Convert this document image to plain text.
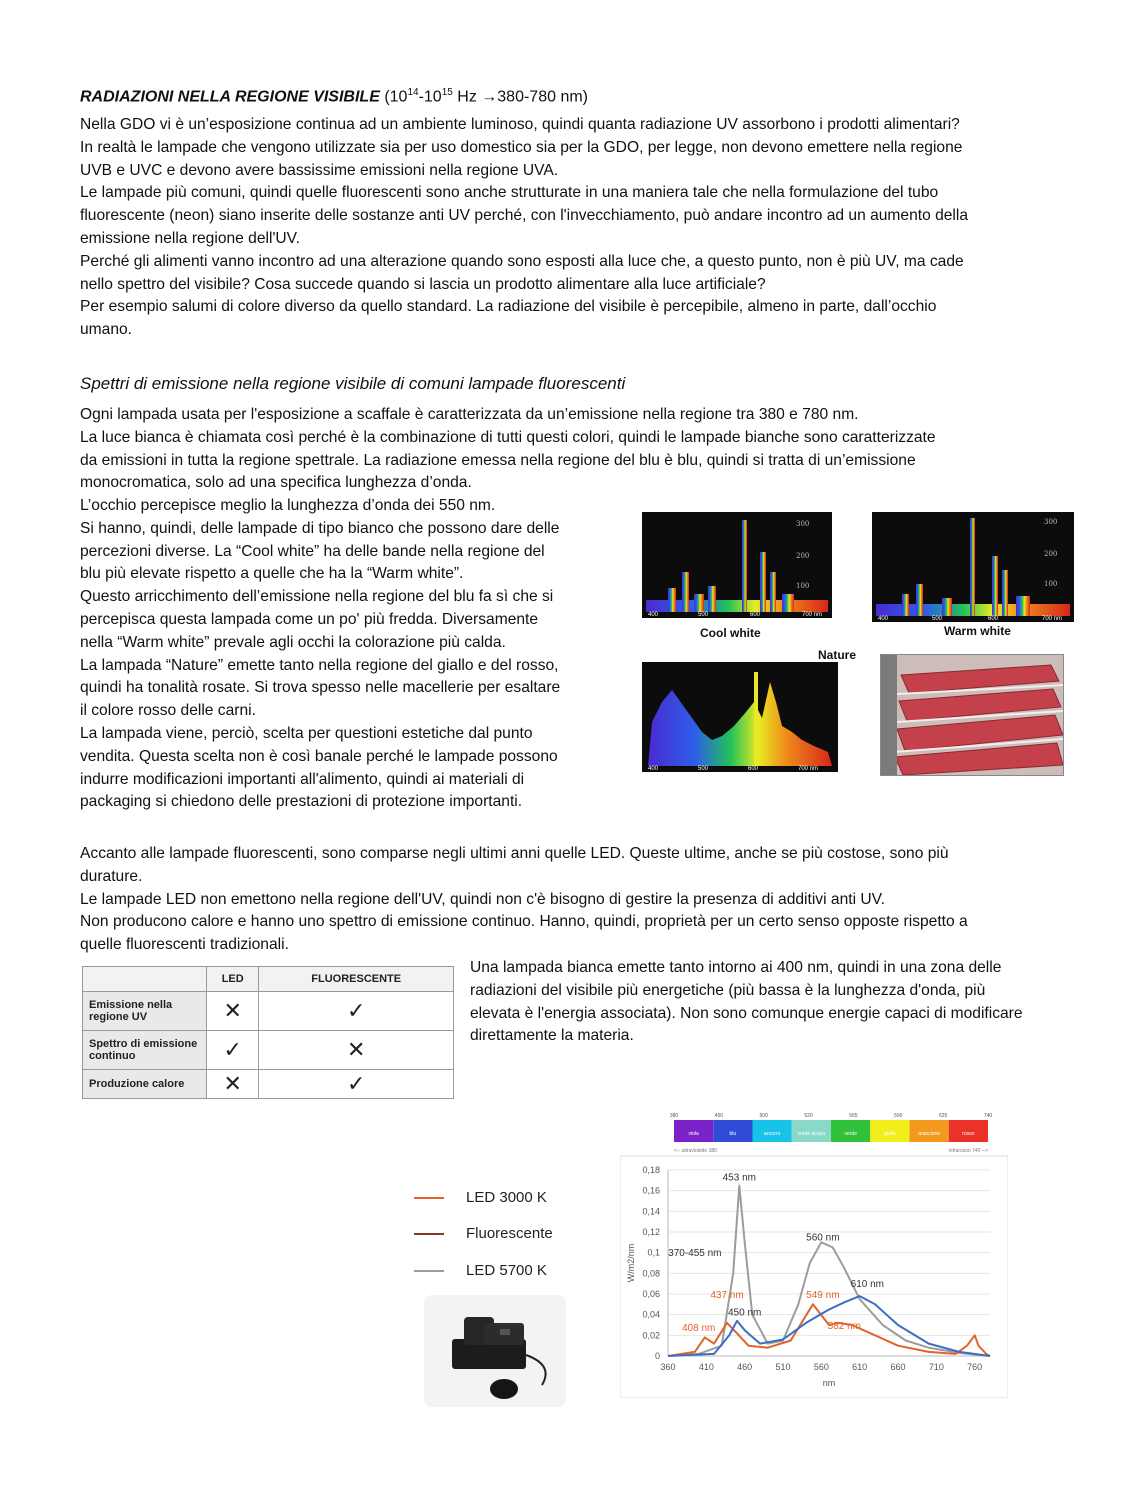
RADIAZIONI NELLA REGIONE VISIBILE ($10^{14}-10^{15}$ Hz →380-780 nm)

Nella GDO vi è un’esposizione continua ad un ambiente luminoso, quindi quanta radiazione UV assorbono i prodotti alimentari?

In realtà le lampade che vengono utilizzate sia per uso domestico sia per la GDO, per legge, non devono emettere nella regione

UVB e UVC e devono avere bassissime emissioni nella regione UVA.

Le lampade più comuni, quindi quelle fluorescenti sono anche strutturate in una maniera tale che nella formulazione del tubo

fluorescente (neon) siano inserite delle sostanze anti UV perché, con l'invecchiamento, può andare incontro ad un aumento della

emissione nella regione dell'UV.

Perché gli alimenti vanno incontro ad una alterazione quando sono esposti alla luce che, a questo punto, non è più UV, ma cade

nello spettro del visibile? Cosa succede quando si lascia un prodotto alimentare alla luce artificiale?

Per esempio salumi di colore diverso da quello standard. La radiazione del visibile è percepibile, almeno in parte, dall’occhio

umano.

Spettri di emissione nella regione visibile di comuni lampade fluorescenti

Ogni lampada usata per l'esposizione a scaffale è caratterizzata da un’emissione nella regione tra 380 e 780 nm.

La luce bianca è chiamata così perché è la combinazione di tutti questi colori, quindi le lampade bianche sono caratterizzate

da emissioni in tutta la regione spettrale. La radiazione emessa nella regione del blu è blu, quindi si tratta di un’emissione

monocromatica, solo ad una specifica lunghezza d’onda.

L’occhio percepisce meglio la lunghezza d’onda dei 550 nm.

Si hanno, quindi, delle lampade di tipo bianco che possono dare delle

percezioni diverse. La “Cool white” ha delle bande nella regione del

blu più elevate rispetto a quelle che ha la “Warm white”.

Questo arricchimento dell’emissione nella regione del blu fa sì che si

percepisca questa lampada come un po' più fredda. Diversamente

nella “Warm white” prevale agli occhi la colorazione più calda.

La lampada “Nature” emette tanto nella regione del giallo e del rosso,

quindi ha tonalità rosate. Si trova spesso nelle macellerie per esaltare

il colore rosso delle carni.

La lampada viene, perciò, scelta per questioni estetiche dal punto

vendita. Questa scelta non è così banale perché le lampade possono

indurre modificazioni importanti all'alimento, quindi ai materiali di

packaging si chiedono delle prestazioni di protezione importanti.

300
200
100
400	500	600	700 nm
Cool white
300
200
100
400	500	600	700 nm
Warm white
Nature
400	500	600	700 nm

Accanto alle lampade fluorescenti, sono comparse negli ultimi anni quelle LED. Queste ultime, anche se più costose, sono più

durature.

Le lampade LED non emettono nella regione dell'UV, quindi non c'è bisogno di gestire la presenza di additivi anti UV.

Non producono calore e hanno uno spettro di emissione continuo. Hanno, quindi, proprietà per un certo senso opposte rispetto a

quelle fluorescenti tradizionali.

	LED	FLUORESCENTE
Emissione nella regione UV	✕	✓
Spettro di emissione continuo	✓	✕
Produzione calore	✕	✓

Una lampada bianca emette tanto intorno ai 400 nm, quindi in una zona delle

radiazioni del visibile più energetiche (più bassa è la lunghezza d'onda, più

elevata è l'energia associata). Non sono comunque energie capaci di modificare

direttamente la materia.

LED 3000 K
Fluorescente
LED 5700 K
viola	blu	azzurro	verde acqua	verde	giallo	arancione	rosso
380	450	500	520	565	590	625	740
<-- ultravioletto 380	infrarosso 740 -->
0
0,02
0,04
0,06
0,08
0,1
0,12
0,14
0,16
0,18
360	410	460	510	560	610	660	710	760
nm
W/m2/nm
453 nm
370-455 nm
560 nm
610 nm
437 nm	549 nm
450 nm
582 nm
408 nm
